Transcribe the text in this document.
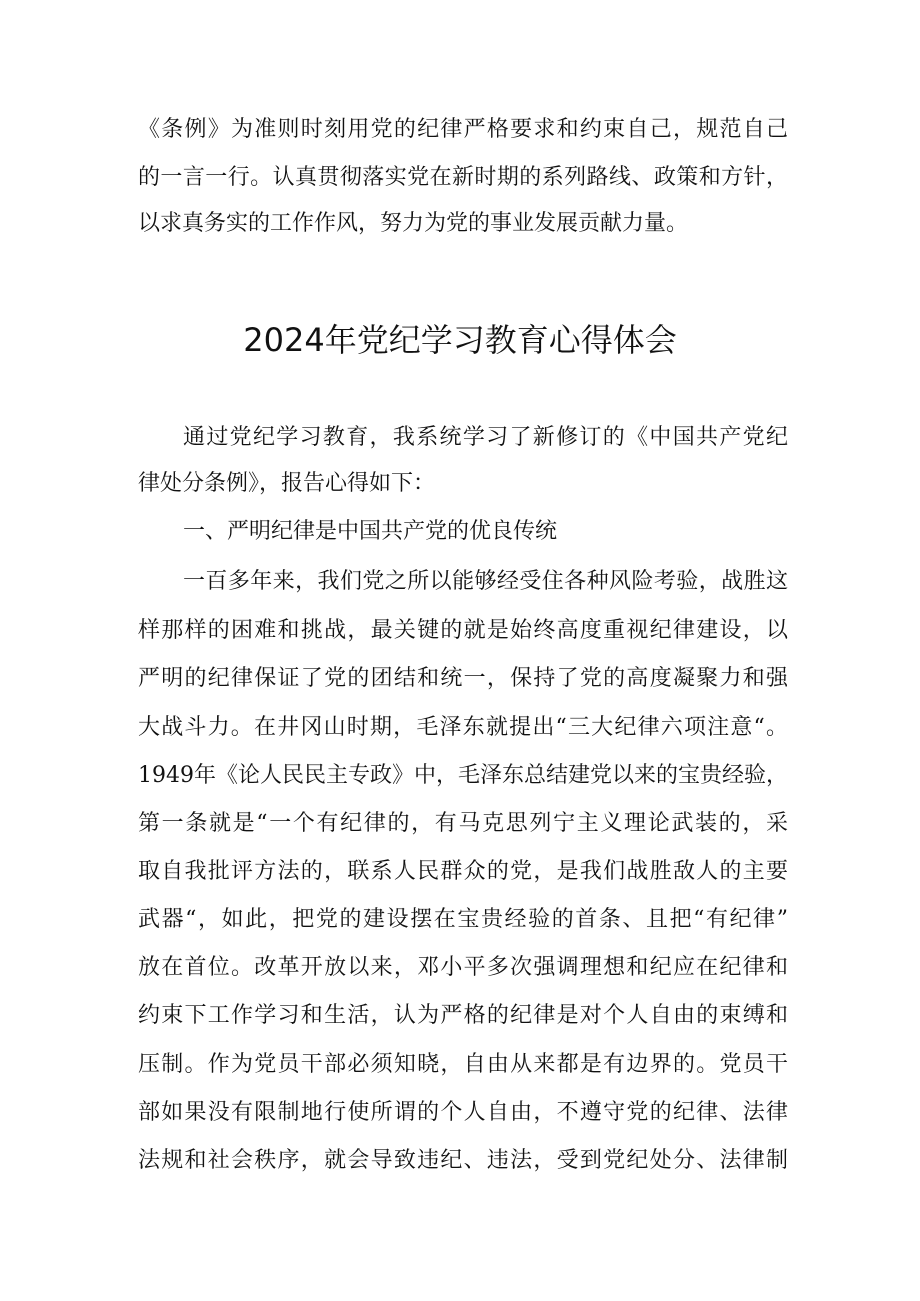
《条例》为准则时刻用党的纪律严格要求和约束自己，规范自己
的一言一行。认真贯彻落实党在新时期的系列路线、政策和方针，
以求真务实的工作作风，努力为党的事业发展贡献力量。
2024年党纪学习教育心得体会
通过党纪学习教育，我系统学习了新修订的《中国共产党纪
律处分条例》，报告心得如下：
一、严明纪律是中国共产党的优良传统
一百多年来，我们党之所以能够经受住各种风险考验，战胜这
样那样的困难和挑战，最关键的就是始终高度重视纪律建设，以
严明的纪律保证了党的团结和统一，保持了党的高度凝聚力和强
大战斗力。在井冈山时期，毛泽东就提出“三大纪律六项注意“。
1949年《论人民民主专政》中，毛泽东总结建党以来的宝贵经验，
第一条就是“一个有纪律的，有马克思列宁主义理论武装的，采
取自我批评方法的，联系人民群众的党，是我们战胜敌人的主要
武器“，如此，把党的建设摆在宝贵经验的首条、且把“有纪律”
放在首位。改革开放以来，邓小平多次强调理想和纪应在纪律和
约束下工作学习和生活，认为严格的纪律是对个人自由的束缚和
压制。作为党员干部必须知晓，自由从来都是有边界的。党员干
部如果没有限制地行使所谓的个人自由，不遵守党的纪律、法律
法规和社会秩序，就会导致违纪、违法，受到党纪处分、法律制
